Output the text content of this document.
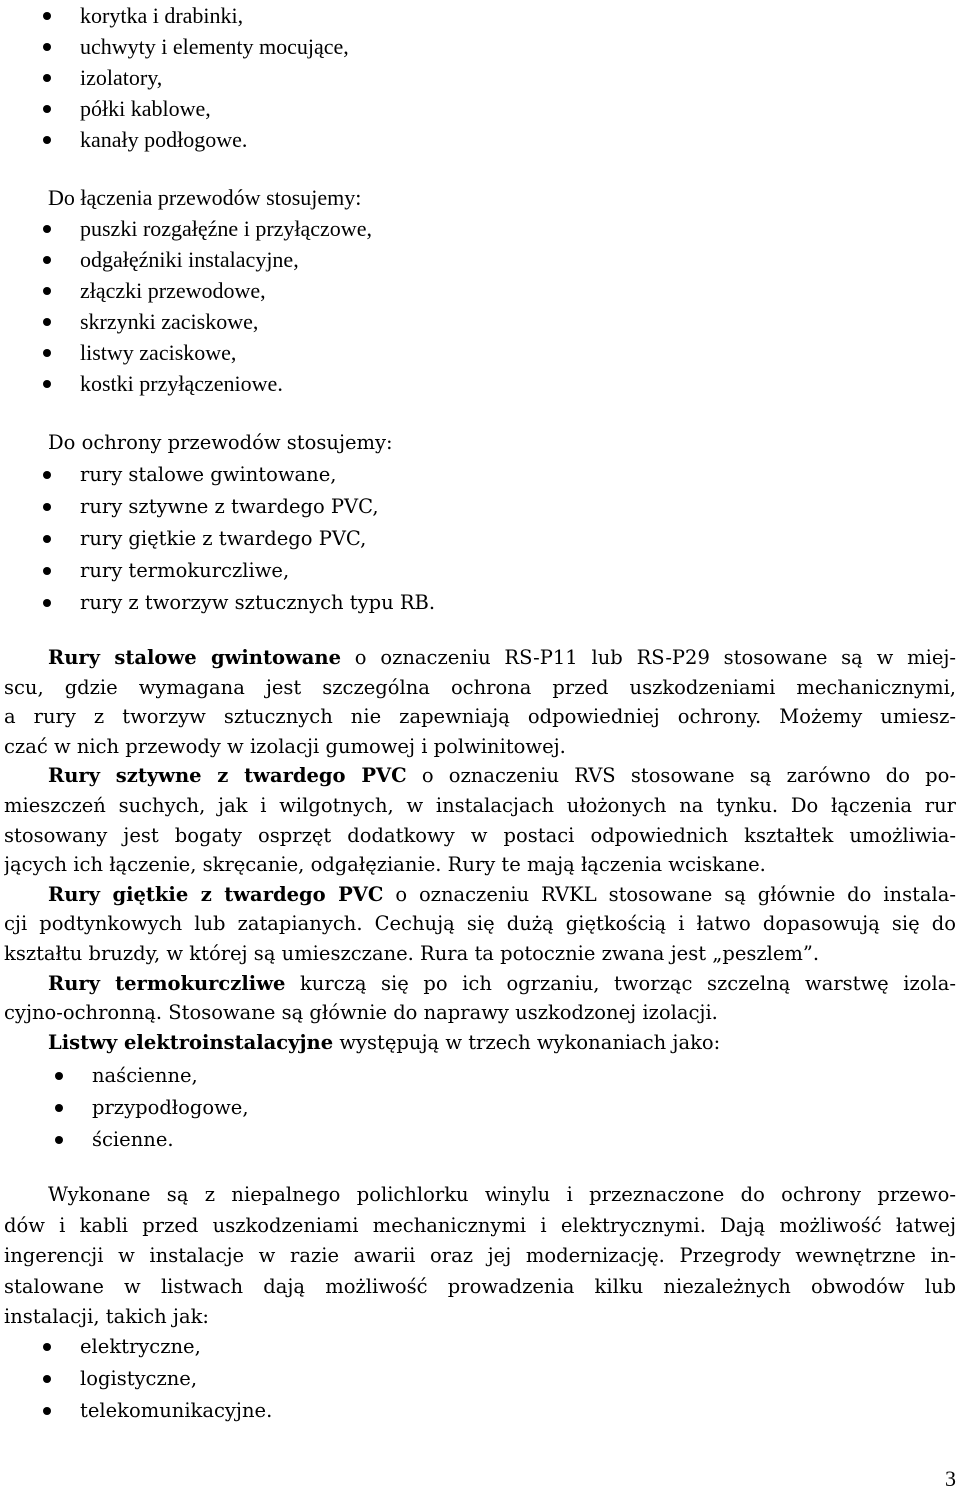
korytka i drabinki,
uchwyty i elementy mocujące,
izolatory,
półki kablowe,
kanały podłogowe.
Do łączenia przewodów stosujemy:
puszki rozgałęźne i przyłączowe,
odgałęźniki instalacyjne,
złączki przewodowe,
skrzynki zaciskowe,
listwy zaciskowe,
kostki przyłączeniowe.
Do ochrony przewodów stosujemy:
rury stalowe gwintowane,
rury sztywne z twardego PVC,
rury giętkie z twardego PVC,
rury termokurczliwe,
rury z tworzyw sztucznych typu RB.
Rury stalowe gwintowane o oznaczeniu RS-P11 lub RS-P29 stosowane są w miej-
scu, gdzie wymagana jest szczególna ochrona przed uszkodzeniami mechanicznymi,
a rury z tworzyw sztucznych nie zapewniają odpowiedniej ochrony. Możemy umiesz-
czać w nich przewody w izolacji gumowej i polwinitowej.
Rury sztywne z twardego PVC o oznaczeniu RVS stosowane są zarówno do po-
mieszczeń suchych, jak i wilgotnych, w instalacjach ułożonych na tynku. Do łączenia rur
stosowany jest bogaty osprzęt dodatkowy w postaci odpowiednich kształtek umożliwia-
jących ich łączenie, skręcanie, odgałęzianie. Rury te mają łączenia wciskane.
Rury giętkie z twardego PVC o oznaczeniu RVKL stosowane są głównie do instala-
cji podtynkowych lub zatapianych. Cechują się dużą giętkością i łatwo dopasowują się do
kształtu bruzdy, w której są umieszczane. Rura ta potocznie zwana jest „peszlem”.
Rury termokurczliwe kurczą się po ich ogrzaniu, tworząc szczelną warstwę izola-
cyjno-ochronną. Stosowane są głównie do naprawy uszkodzonej izolacji.
Listwy elektroinstalacyjne występują w trzech wykonaniach jako:
naścienne,
przypodłogowe,
ścienne.
Wykonane są z niepalnego polichlorku winylu i przeznaczone do ochrony przewo-
dów i kabli przed uszkodzeniami mechanicznymi i elektrycznymi. Dają możliwość łatwej
ingerencji w instalacje w razie awarii oraz jej modernizację. Przegrody wewnętrzne in-
stalowane w listwach dają możliwość prowadzenia kilku niezależnych obwodów lub
instalacji, takich jak:
elektryczne,
logistyczne,
telekomunikacyjne.
3
